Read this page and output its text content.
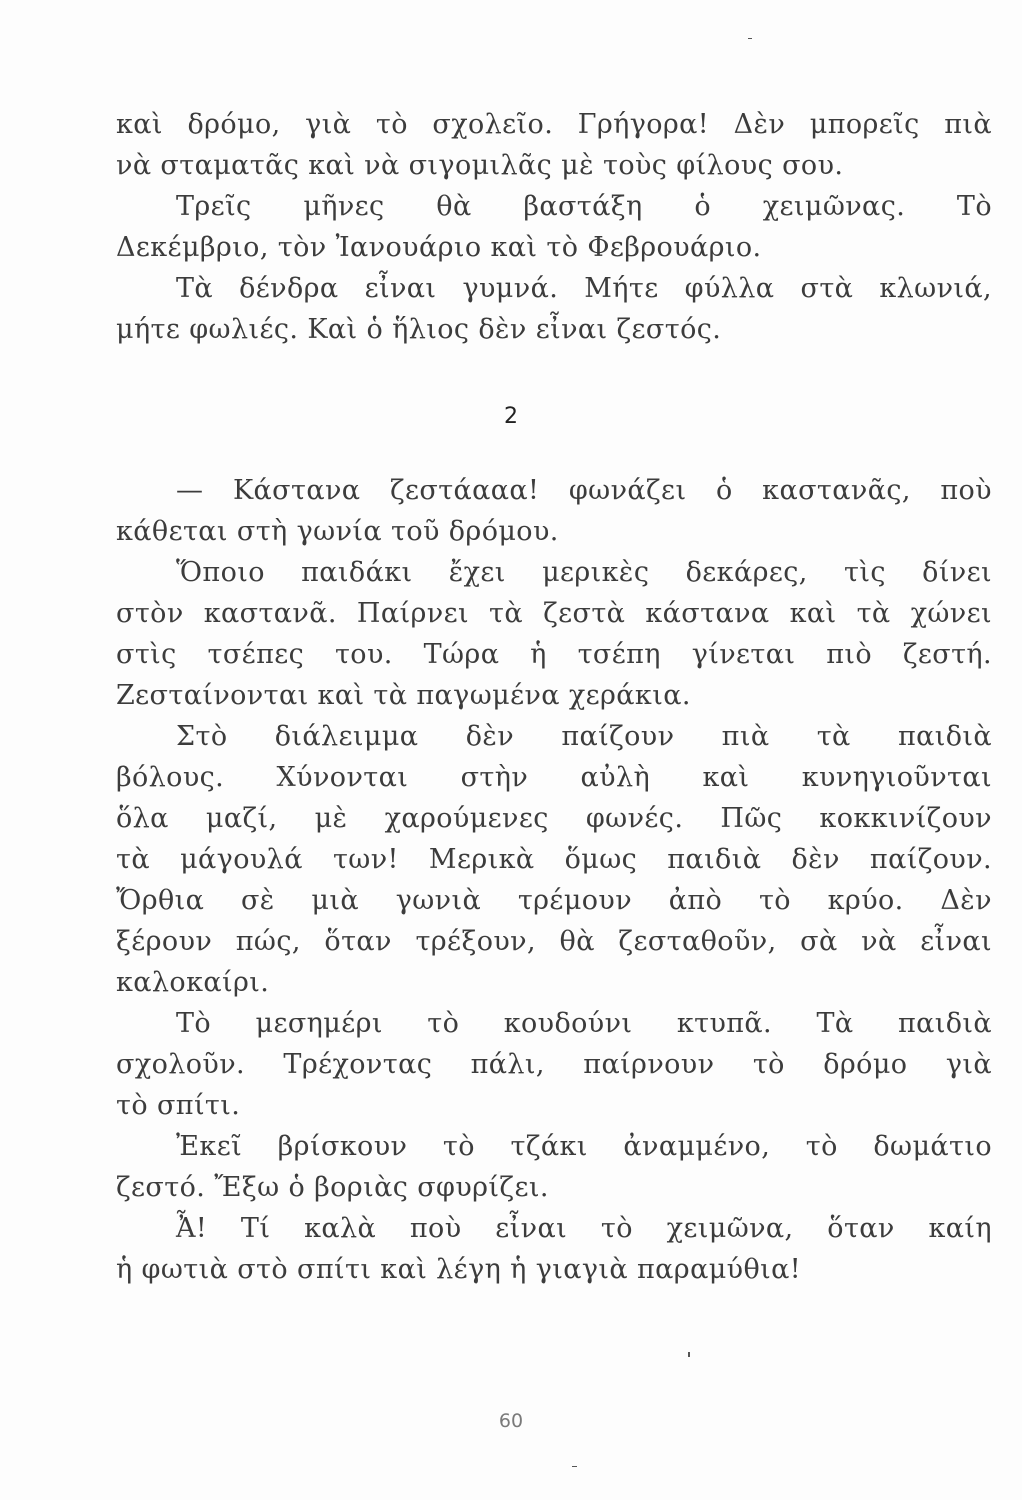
καὶ δρόμο, γιὰ τὸ σχολεῖο. Γρήγορα! Δὲν μπορεῖς πιὰ
νὰ σταματᾶς καὶ νὰ σιγομιλᾶς μὲ τοὺς φίλους σου.
Τρεῖς μῆνες θὰ βαστάξη ὁ χειμῶνας. Τὸ
Δεκέμβριο, τὸν Ἰανουάριο καὶ τὸ Φεβρουάριο.
Τὰ δένδρα εἶναι γυμνά. Μήτε φύλλα στὰ κλωνιά,
μήτε φωλιές. Καὶ ὁ ἥλιος δὲν εἶναι ζεστός.
2
— Κάστανα ζεστάααα! φωνάζει ὁ καστανᾶς, ποὺ
κάθεται στὴ γωνία τοῦ δρόμου.
Ὅποιο παιδάκι ἔχει μερικὲς δεκάρες, τὶς δίνει
στὸν καστανᾶ. Παίρνει τὰ ζεστὰ κάστανα καὶ τὰ χώνει
στὶς τσέπες του. Τώρα ἡ τσέπη γίνεται πιὸ ζεστή.
Ζεσταίνονται καὶ τὰ παγωμένα χεράκια.
Στὸ διάλειμμα δὲν παίζουν πιὰ τὰ παιδιὰ
βόλους. Χύνονται στὴν αὐλὴ καὶ κυνηγιοῦνται
ὅλα μαζί, μὲ χαρούμενες φωνές. Πῶς κοκκινίζουν
τὰ μάγουλά των! Μερικὰ ὅμως παιδιὰ δὲν παίζουν.
Ὄρθια σὲ μιὰ γωνιὰ τρέμουν ἀπὸ τὸ κρύο. Δὲν
ξέρουν πώς, ὅταν τρέξουν, θὰ ζεσταθοῦν, σὰ νὰ εἶναι
καλοκαίρι.
Τὸ μεσημέρι τὸ κουδούνι κτυπᾶ. Τὰ παιδιὰ
σχολοῦν. Τρέχοντας πάλι, παίρνουν τὸ δρόμο γιὰ
τὸ σπίτι.
Ἐκεῖ βρίσκουν τὸ τζάκι ἀναμμένο, τὸ δωμάτιο
ζεστό. Ἔξω ὁ βοριὰς σφυρίζει.
Ἆ! Τί καλὰ ποὺ εἶναι τὸ χειμῶνα, ὅταν καίη
ἡ φωτιὰ στὸ σπίτι καὶ λέγη ἡ γιαγιὰ παραμύθια!
60
